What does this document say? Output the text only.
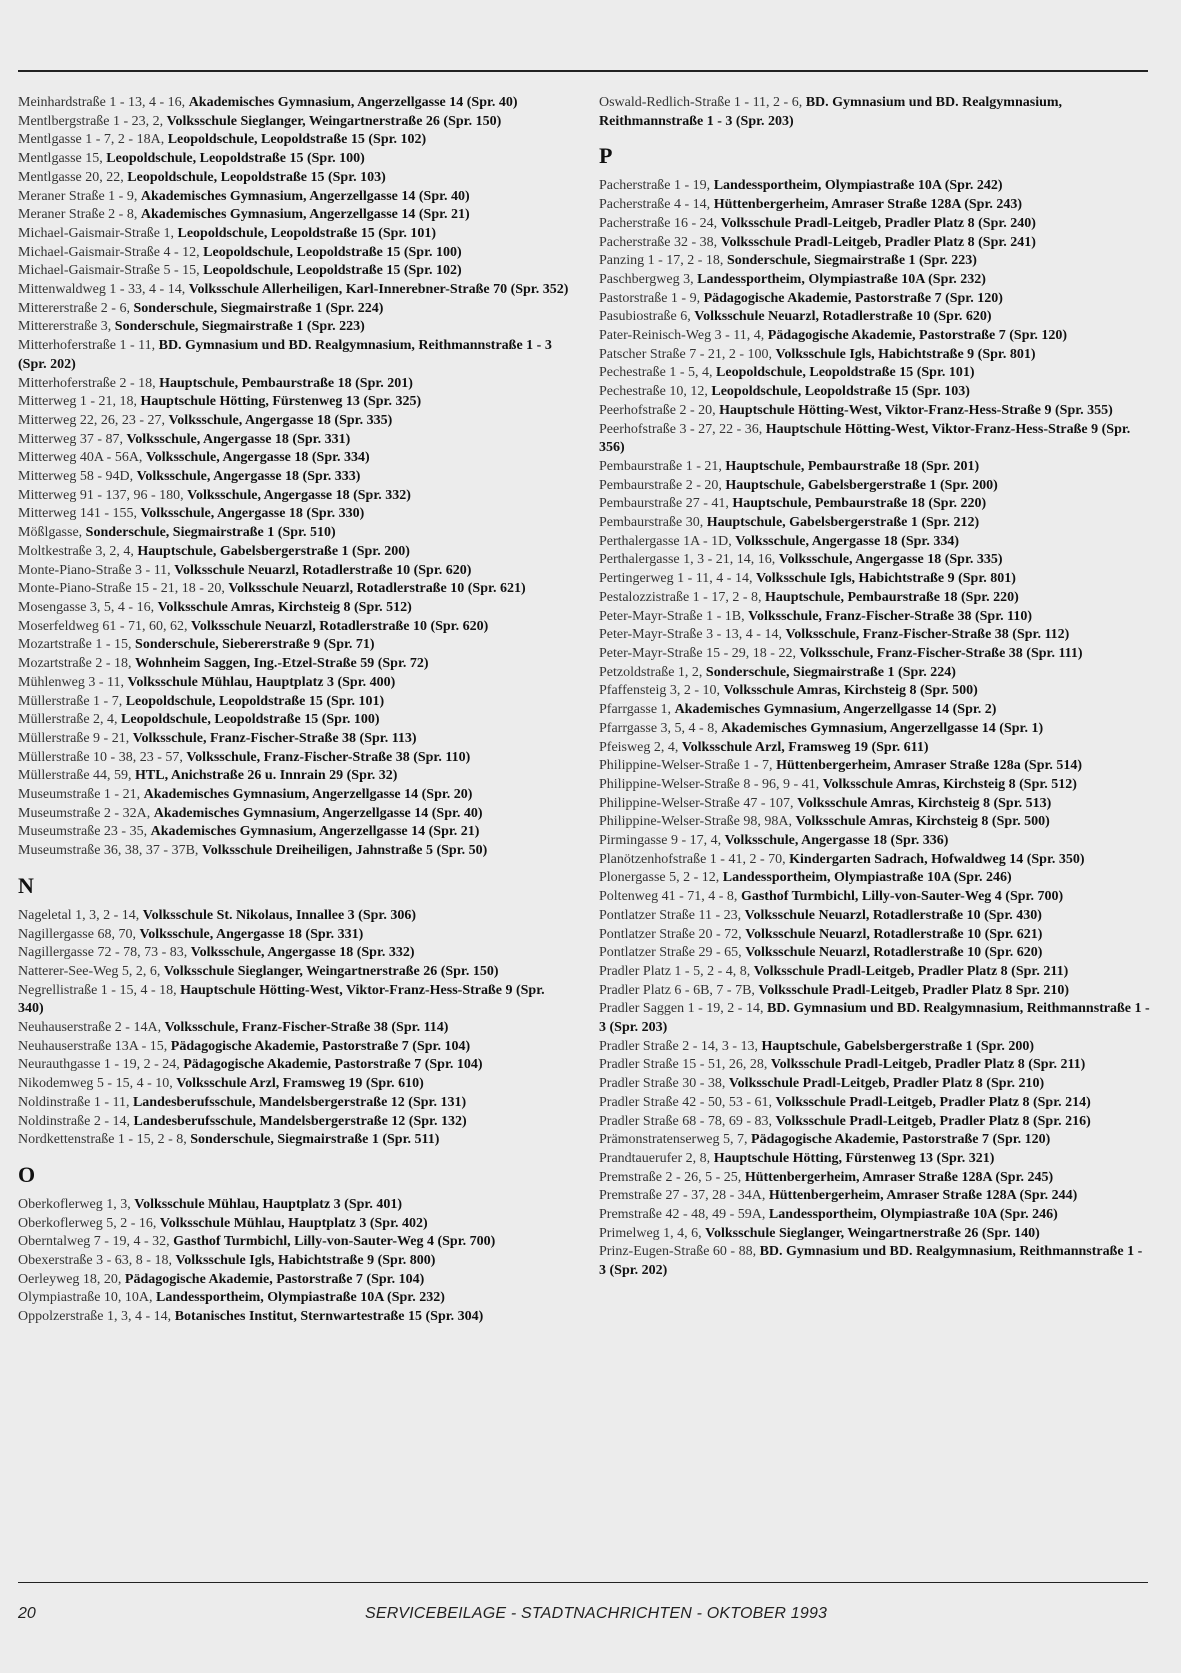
Meinhardstraße 1 - 13, 4 - 16, Akademisches Gymnasium, Angerzellgasse 14 (Spr. 40)

Mentlbergstraße 1 - 23, 2, Volksschule Sieglanger, Weingartnerstraße 26 (Spr. 150)

Mentlgasse 1 - 7, 2 - 18A, Leopoldschule, Leopoldstraße 15 (Spr. 102)

Mentlgasse 15, Leopoldschule, Leopoldstraße 15 (Spr. 100)

Mentlgasse 20, 22, Leopoldschule, Leopoldstraße 15 (Spr. 103)

Meraner Straße 1 - 9, Akademisches Gymnasium, Angerzellgasse 14 (Spr. 40)

Meraner Straße 2 - 8, Akademisches Gymnasium, Angerzellgasse 14 (Spr. 21)

Michael-Gaismair-Straße 1, Leopoldschule, Leopoldstraße 15 (Spr. 101)

Michael-Gaismair-Straße 4 - 12, Leopoldschule, Leopoldstraße 15 (Spr. 100)

Michael-Gaismair-Straße 5 - 15, Leopoldschule, Leopoldstraße 15 (Spr. 102)

Mittenwaldweg 1 - 33, 4 - 14, Volksschule Allerheiligen, Karl-Innerebner-Straße 70 (Spr. 352)

Mittererstraße 2 - 6, Sonderschule, Siegmairstraße 1 (Spr. 224)

Mittererstraße 3, Sonderschule, Siegmairstraße 1 (Spr. 223)

Mitterhoferstraße 1 - 11, BD. Gymnasium und BD. Realgymnasium, Reithmannstraße 1 - 3 (Spr. 202)

Mitterhoferstraße 2 - 18, Hauptschule, Pembaurstraße 18 (Spr. 201)

Mitterweg 1 - 21, 18, Hauptschule Hötting, Fürstenweg 13 (Spr. 325)

Mitterweg 22, 26, 23 - 27, Volksschule, Angergasse 18 (Spr. 335)

Mitterweg 37 - 87, Volksschule, Angergasse 18 (Spr. 331)

Mitterweg 40A - 56A, Volksschule, Angergasse 18 (Spr. 334)

Mitterweg 58 - 94D, Volksschule, Angergasse 18 (Spr. 333)

Mitterweg 91 - 137, 96 - 180, Volksschule, Angergasse 18 (Spr. 332)

Mitterweg 141 - 155, Volksschule, Angergasse 18 (Spr. 330)

Mößlgasse, Sonderschule, Siegmairstraße 1 (Spr. 510)

Moltkestraße 3, 2, 4, Hauptschule, Gabelsbergerstraße 1 (Spr. 200)

Monte-Piano-Straße 3 - 11, Volksschule Neuarzl, Rotadlerstraße 10 (Spr. 620)

Monte-Piano-Straße 15 - 21, 18 - 20, Volksschule Neuarzl, Rotadlerstraße 10 (Spr. 621)

Mosengasse 3, 5, 4 - 16, Volksschule Amras, Kirchsteig 8 (Spr. 512)

Moserfeldweg 61 - 71, 60, 62, Volksschule Neuarzl, Rotadlerstraße 10 (Spr. 620)

Mozartstraße 1 - 15, Sonderschule, Siebererstraße 9 (Spr. 71)

Mozartstraße 2 - 18, Wohnheim Saggen, Ing.-Etzel-Straße 59 (Spr. 72)

Mühlenweg 3 - 11, Volksschule Mühlau, Hauptplatz 3 (Spr. 400)

Müllerstraße 1 - 7, Leopoldschule, Leopoldstraße 15 (Spr. 101)

Müllerstraße 2, 4, Leopoldschule, Leopoldstraße 15 (Spr. 100)

Müllerstraße 9 - 21, Volksschule, Franz-Fischer-Straße 38 (Spr. 113)

Müllerstraße 10 - 38, 23 - 57, Volksschule, Franz-Fischer-Straße 38 (Spr. 110)

Müllerstraße 44, 59, HTL, Anichstraße 26 u. Innrain 29 (Spr. 32)

Museumstraße 1 - 21, Akademisches Gymnasium, Angerzellgasse 14 (Spr. 20)

Museumstraße 2 - 32A, Akademisches Gymnasium, Angerzellgasse 14 (Spr. 40)

Museumstraße 23 - 35, Akademisches Gymnasium, Angerzellgasse 14 (Spr. 21)

Museumstraße 36, 38, 37 - 37B, Volksschule Dreiheiligen, Jahnstraße 5 (Spr. 50)

N

Nageletal 1, 3, 2 - 14, Volksschule St. Nikolaus, Innallee 3 (Spr. 306)

Nagillergasse 68, 70, Volksschule, Angergasse 18 (Spr. 331)

Nagillergasse 72 - 78, 73 - 83, Volksschule, Angergasse 18 (Spr. 332)

Natterer-See-Weg 5, 2, 6, Volksschule Sieglanger, Weingartnerstraße 26 (Spr. 150)

Negrellistraße 1 - 15, 4 - 18, Hauptschule Hötting-West, Viktor-Franz-Hess-Straße 9 (Spr. 340)

Neuhauserstraße 2 - 14A, Volksschule, Franz-Fischer-Straße 38 (Spr. 114)

Neuhauserstraße 13A - 15, Pädagogische Akademie, Pastorstraße 7 (Spr. 104)

Neurauthgasse 1 - 19, 2 - 24, Pädagogische Akademie, Pastorstraße 7 (Spr. 104)

Nikodemweg 5 - 15, 4 - 10, Volksschule Arzl, Framsweg 19 (Spr. 610)

Noldinstraße 1 - 11, Landesberufsschule, Mandelsbergerstraße 12 (Spr. 131)

Noldinstraße 2 - 14, Landesberufsschule, Mandelsbergerstraße 12 (Spr. 132)

Nordkettenstraße 1 - 15, 2 - 8, Sonderschule, Siegmairstraße 1 (Spr. 511)

O

Oberkoflerweg 1, 3, Volksschule Mühlau, Hauptplatz 3 (Spr. 401)

Oberkoflerweg 5, 2 - 16, Volksschule Mühlau, Hauptplatz 3 (Spr. 402)

Oberntalweg 7 - 19, 4 - 32, Gasthof Turmbichl, Lilly-von-Sauter-Weg 4 (Spr. 700)

Obexerstraße 3 - 63, 8 - 18, Volksschule Igls, Habichtstraße 9 (Spr. 800)

Oerleyweg 18, 20, Pädagogische Akademie, Pastorstraße 7 (Spr. 104)

Olympiastraße 10, 10A, Landessportheim, Olympiastraße 10A (Spr. 232)

Oppolzerstraße 1, 3, 4 - 14, Botanisches Institut, Sternwartestraße 15 (Spr. 304)

Oswald-Redlich-Straße 1 - 11, 2 - 6, BD. Gymnasium und BD. Realgymnasium, Reithmannstraße 1 - 3 (Spr. 203)

P

Pacherstraße 1 - 19, Landessportheim, Olympiastraße 10A (Spr. 242)

Pacherstraße 4 - 14, Hüttenbergerheim, Amraser Straße 128A (Spr. 243)

Pacherstraße 16 - 24, Volksschule Pradl-Leitgeb, Pradler Platz 8 (Spr. 240)

Pacherstraße 32 - 38, Volksschule Pradl-Leitgeb, Pradler Platz 8 (Spr. 241)

Panzing 1 - 17, 2 - 18, Sonderschule, Siegmairstraße 1 (Spr. 223)

Paschbergweg 3, Landessportheim, Olympiastraße 10A (Spr. 232)

Pastorstraße 1 - 9, Pädagogische Akademie, Pastorstraße 7 (Spr. 120)

Pasubiostraße 6, Volksschule Neuarzl, Rotadlerstraße 10 (Spr. 620)

Pater-Reinisch-Weg 3 - 11, 4, Pädagogische Akademie, Pastorstraße 7 (Spr. 120)

Patscher Straße 7 - 21, 2 - 100, Volksschule Igls, Habichtstraße 9 (Spr. 801)

Pechestraße 1 - 5, 4, Leopoldschule, Leopoldstraße 15 (Spr. 101)

Pechestraße 10, 12, Leopoldschule, Leopoldstraße 15 (Spr. 103)

Peerhofstraße 2 - 20, Hauptschule Hötting-West, Viktor-Franz-Hess-Straße 9 (Spr. 355)

Peerhofstraße 3 - 27, 22 - 36, Hauptschule Hötting-West, Viktor-Franz-Hess-Straße 9 (Spr. 356)

Pembaurstraße 1 - 21, Hauptschule, Pembaurstraße 18 (Spr. 201)

Pembaurstraße 2 - 20, Hauptschule, Gabelsbergerstraße 1 (Spr. 200)

Pembaurstraße 27 - 41, Hauptschule, Pembaurstraße 18 (Spr. 220)

Pembaurstraße 30, Hauptschule, Gabelsbergerstraße 1 (Spr. 212)

Perthalergasse 1A - 1D, Volksschule, Angergasse 18 (Spr. 334)

Perthalergasse 1, 3 - 21, 14, 16, Volksschule, Angergasse 18 (Spr. 335)

Pertingerweg 1 - 11, 4 - 14, Volksschule Igls, Habichtstraße 9 (Spr. 801)

Pestalozzistraße 1 - 17, 2 - 8, Hauptschule, Pembaurstraße 18 (Spr. 220)

Peter-Mayr-Straße 1 - 1B, Volksschule, Franz-Fischer-Straße 38 (Spr. 110)

Peter-Mayr-Straße 3 - 13, 4 - 14, Volksschule, Franz-Fischer-Straße 38 (Spr. 112)

Peter-Mayr-Straße 15 - 29, 18 - 22, Volksschule, Franz-Fischer-Straße 38 (Spr. 111)

Petzoldstraße 1, 2, Sonderschule, Siegmairstraße 1 (Spr. 224)

Pfaffensteig 3, 2 - 10, Volksschule Amras, Kirchsteig 8 (Spr. 500)

Pfarrgasse 1, Akademisches Gymnasium, Angerzellgasse 14 (Spr. 2)

Pfarrgasse 3, 5, 4 - 8, Akademisches Gymnasium, Angerzellgasse 14 (Spr. 1)

Pfeisweg 2, 4, Volksschule Arzl, Framsweg 19 (Spr. 611)

Philippine-Welser-Straße 1 - 7, Hüttenbergerheim, Amraser Straße 128a (Spr. 514)

Philippine-Welser-Straße 8 - 96, 9 - 41, Volksschule Amras, Kirchsteig 8 (Spr. 512)

Philippine-Welser-Straße 47 - 107, Volksschule Amras, Kirchsteig 8 (Spr. 513)

Philippine-Welser-Straße 98, 98A, Volksschule Amras, Kirchsteig 8 (Spr. 500)

Pirmingasse 9 - 17, 4, Volksschule, Angergasse 18 (Spr. 336)

Planötzenhofstraße 1 - 41, 2 - 70, Kindergarten Sadrach, Hofwaldweg 14 (Spr. 350)

Plonergasse 5, 2 - 12, Landessportheim, Olympiastraße 10A (Spr. 246)

Poltenweg 41 - 71, 4 - 8, Gasthof Turmbichl, Lilly-von-Sauter-Weg 4 (Spr. 700)

Pontlatzer Straße 11 - 23, Volksschule Neuarzl, Rotadlerstraße 10 (Spr. 430)

Pontlatzer Straße 20 - 72, Volksschule Neuarzl, Rotadlerstraße 10 (Spr. 621)

Pontlatzer Straße 29 - 65, Volksschule Neuarzl, Rotadlerstraße 10 (Spr. 620)

Pradler Platz 1 - 5, 2 - 4, 8, Volksschule Pradl-Leitgeb, Pradler Platz 8 (Spr. 211)

Pradler Platz 6 - 6B, 7 - 7B, Volksschule Pradl-Leitgeb, Pradler Platz 8 Spr. 210)

Pradler Saggen 1 - 19, 2 - 14, BD. Gymnasium und BD. Realgymnasium, Reithmannstraße 1 - 3 (Spr. 203)

Pradler Straße 2 - 14, 3 - 13, Hauptschule, Gabelsbergerstraße 1 (Spr. 200)

Pradler Straße 15 - 51, 26, 28, Volksschule Pradl-Leitgeb, Pradler Platz 8 (Spr. 211)

Pradler Straße 30 - 38, Volksschule Pradl-Leitgeb, Pradler Platz 8 (Spr. 210)

Pradler Straße 42 - 50, 53 - 61, Volksschule Pradl-Leitgeb, Pradler Platz 8 (Spr. 214)

Pradler Straße 68 - 78, 69 - 83, Volksschule Pradl-Leitgeb, Pradler Platz 8 (Spr. 216)

Prämonstratenserweg 5, 7, Pädagogische Akademie, Pastorstraße 7 (Spr. 120)

Prandtauerufer 2, 8, Hauptschule Hötting, Fürstenweg 13 (Spr. 321)

Premstraße 2 - 26, 5 - 25, Hüttenbergerheim, Amraser Straße 128A (Spr. 245)

Premstraße 27 - 37, 28 - 34A, Hüttenbergerheim, Amraser Straße 128A (Spr. 244)

Premstraße 42 - 48, 49 - 59A, Landessportheim, Olympiastraße 10A (Spr. 246)

Primelweg 1, 4, 6, Volksschule Sieglanger, Weingartnerstraße 26 (Spr. 140)

Prinz-Eugen-Straße 60 - 88, BD. Gymnasium und BD. Realgymnasium, Reithmannstraße 1 - 3 (Spr. 202)

20	SERVICEBEILAGE - STADTNACHRICHTEN - OKTOBER 1993
